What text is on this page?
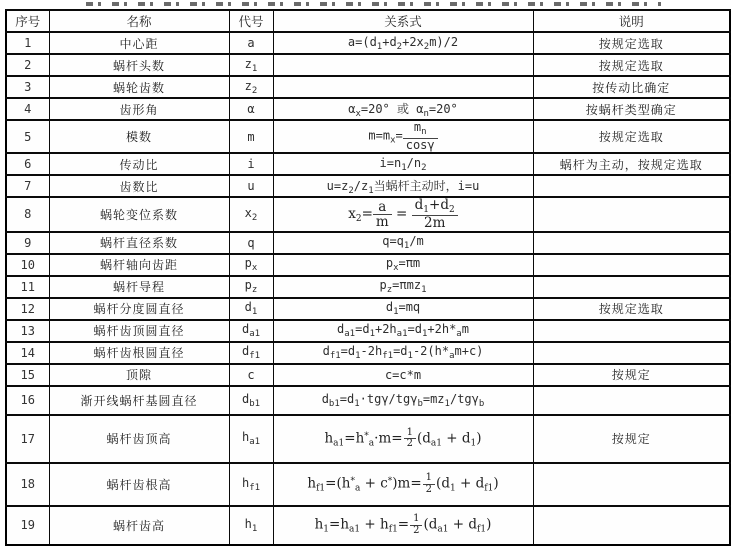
序号	名称	代号	关系式	说明
1	中心距	a	$a=(d_1+d_2+2x_2m)/2$	按规定选取
2	蜗杆头数	$z_1$		按规定选取
3	蜗轮齿数	$z_2$		按传动比确定
4	齿形角	α	$\alpha_x=20^\circ$ 或 $\alpha_n=20^\circ$	按蜗杆类型确定
5	模数	m	$m=m_x= \frac{m_n}{\cos\gamma}$	按规定选取
6	传动比	i	$i=n_1/n_2$	蜗杆为主动，按规定选取
7	齿数比	u	$u=z_2/z_1$当蜗杆主动时，i=u	
8	蜗轮变位系数	$x_2$	$x_2= \frac{a}{m} = \frac{d_1+d_2}{2m}$

9	蜗杆直径系数	q	$q=q_1/m$	
10	蜗杆轴向齿距	$p_x$	$p_x=\pi m$	
11	蜗杆导程	$p_z$	$p_z=\pi mz_1$	
12	蜗杆分度圆直径	$d_1$	$d_1=mq$	按规定选取
13	蜗杆齿顶圆直径	$d_{a1}$	$d_{a1}=d_1+2h_{a1}=d_1+2h*_am$	
14	蜗杆齿根圆直径	$d_{f1}$	$d_{f1}=d_1-2h_{f1}=d_1-2(h*_am+c)$	
15	顶隙	c	c=c*m	按规定
16	渐开线蜗杆基圆直径	$d_{b1}$	$d_{b1}=d_1\cdot tg\gamma/tg\gamma_b=mz_1/tg\gamma_b$	
17	蜗杆齿顶高	$h_{a1}$	$h_{a1}=h^*_a\cdot m= \frac{1}{2} (d_{a1} + d_1)$	按规定
18	蜗杆齿根高	$h_{f1}$	$h_{f1}=(h^*_a + c^*)m= \frac{1}{2} (d_1 + d_{f1})$	
19	蜗杆齿高	$h_1$	$h_1=h_{a1} + h_{f1}= \frac{1}{2} (d_{a1} + d_{f1})$	
